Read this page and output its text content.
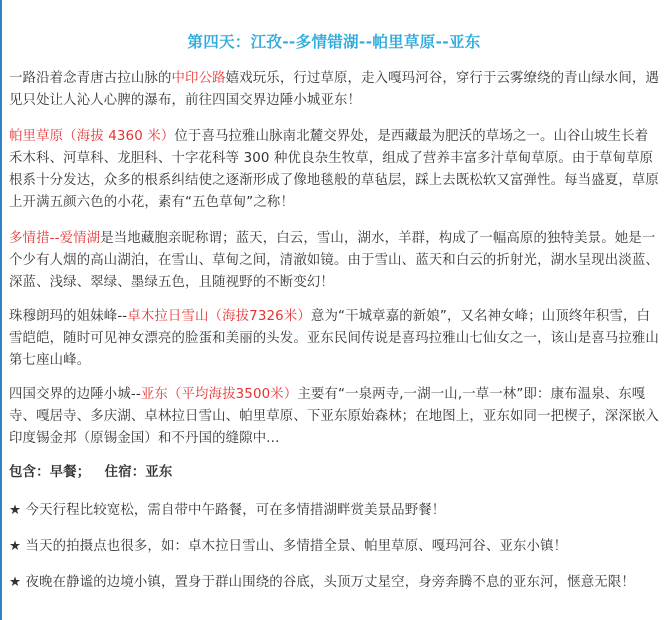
第四天：江孜--多情错湖--帕里草原--亚东

一路沿着念青唐古拉山脉的中印公路嬉戏玩乐，行过草原，走入嘎玛河谷，穿行于云雾缭绕的青山绿水间，遇见只处让人沁人心脾的瀑布，前往四国交界边陲小城亚东！

帕里草原（海拔 4360 米）位于喜马拉雅山脉南北麓交界处，是西藏最为肥沃的草场之一。山谷山坡生长着禾木科、河草科、龙胆科、十字花科等 300 种优良杂生牧草，组成了营养丰富多汁草甸草原。由于草甸草原根系十分发达，众多的根系纠结使之逐渐形成了像地毯般的草毡层，踩上去既松软又富弹性。每当盛夏，草原上开满五颜六色的小花，素有“五色草甸”之称！

多情措--爱情湖是当地藏胞亲昵称谓；蓝天，白云，雪山，湖水，羊群，构成了一幅高原的独特美景。她是一个少有人烟的高山湖泊，在雪山、草甸之间，清澈如镜。由于雪山、蓝天和白云的折射光，湖水呈现出淡蓝、深蓝、浅绿、翠绿、墨绿五色，且随视野的不断变幻！

珠穆朗玛的姐妹峰--卓木拉日雪山（海拔7326米）意为“干城章嘉的新娘”，又名神女峰；山顶终年积雪，白雪皑皑，随时可见神女漂亮的脸蛋和美丽的头发。亚东民间传说是喜玛拉雅山七仙女之一，该山是喜马拉雅山第七座山峰。

四国交界的边陲小城--亚东（平均海拔3500米）主要有“一泉两寺,一湖一山,一草一林”即：康布温泉、东嘎寺、嘎居寺、多庆湖、卓林拉日雪山、帕里草原、下亚东原始森林；在地图上，亚东如同一把楔子，深深嵌入印度锡金邦（原锡金国）和不丹国的缝隙中...

包含：早餐；   住宿：亚东

★ 今天行程比较宽松，需自带中午路餐，可在多情措湖畔赏美景品野餐！

★ 当天的拍摄点也很多，如：卓木拉日雪山、多情措全景、帕里草原、嘎玛河谷、亚东小镇！

★ 夜晚在静谧的边境小镇，置身于群山围绕的谷底，头顶万丈星空，身旁奔腾不息的亚东河，惬意无限！
